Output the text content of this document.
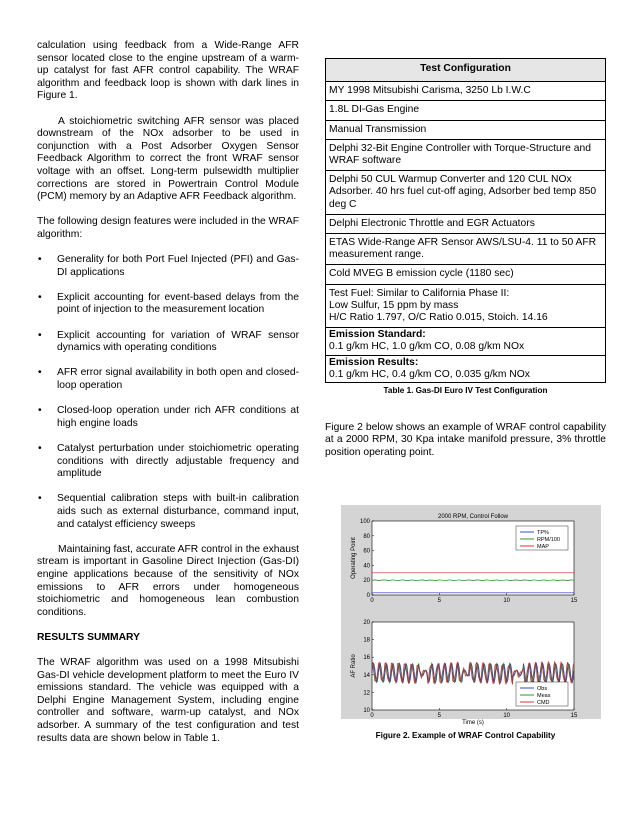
calculation using feedback from a Wide-Range AFR sensor located close to the engine upstream of a warm-up catalyst for fast AFR control capability. The WRAF algorithm and feedback loop is shown with dark lines in Figure 1.

A stoichiometric switching AFR sensor was placed downstream of the NOx adsorber to be used in conjunction with a Post Adsorber Oxygen Sensor Feedback Algorithm to correct the front WRAF sensor voltage with an offset. Long-term pulsewidth multiplier corrections are stored in Powertrain Control Module (PCM) memory by an Adaptive AFR Feedback algorithm.

The following design features were included in the WRAF algorithm:

• Generality for both Port Fuel Injected (PFI) and Gas-DI applications
• Explicit accounting for event-based delays from the point of injection to the measurement location
• Explicit accounting for variation of WRAF sensor dynamics with operating conditions
• AFR error signal availability in both open and closed-loop operation
• Closed-loop operation under rich AFR conditions at high engine loads
• Catalyst perturbation under stoichiometric operating conditions with directly adjustable frequency and amplitude
• Sequential calibration steps with built-in calibration aids such as external disturbance, command input, and catalyst efficiency sweeps

Maintaining fast, accurate AFR control in the exhaust stream is important in Gasoline Direct Injection (Gas-DI) engine applications because of the sensitivity of NOx emissions to AFR errors under homogeneous stoichiometric and homogeneous lean combustion conditions.

RESULTS SUMMARY

The WRAF algorithm was used on a 1998 Mitsubishi Gas-DI vehicle development platform to meet the Euro IV emissions standard. The vehicle was equipped with a Delphi Engine Management System, including engine controller and software, warm-up catalyst, and NOx adsorber. A summary of the test configuration and test results data are shown below in Table 1.

Test Configuration

MY 1998 Mitsubishi Carisma, 3250 Lb I.W.C

1.8L DI-Gas Engine

Manual Transmission

Delphi 32-Bit Engine Controller with Torque-Structure and WRAF software

Delphi 50 CUL Warmup Converter and 120 CUL NOx Adsorber. 40 hrs fuel cut-off aging, Adsorber bed temp 850 deg C

Delphi Electronic Throttle and EGR Actuators

ETAS Wide-Range AFR Sensor AWS/LSU-4. 11 to 50 AFR measurement range.

Cold MVEG B emission cycle (1180 sec)

Test Fuel: Similar to California Phase II:
Low Sulfur, 15 ppm by mass
H/C Ratio 1.797, O/C Ratio 0.015, Stoich. 14.16

Emission Standard:
0.1 g/km HC, 1.0 g/km CO, 0.08 g/km NOx

Emission Results:
0.1 g/km HC, 0.4 g/km CO, 0.035 g/km NOx

Table 1. Gas-DI Euro IV Test Configuration

Figure 2 below shows an example of WRAF control capability at a 2000 RPM, 30 Kpa intake manifold pressure, 3% throttle position operating point.

0	5	10	15
0
20
40
60
80
100
2000 RPM, Control Follow
Operating Point
TP%
RPM/100
MAP
0	5	10	15
10
12
14
16
18
20
Time (s)
AF Ratio
Obs
Meas
CMD
Figure 2. Example of WRAF Control Capability
